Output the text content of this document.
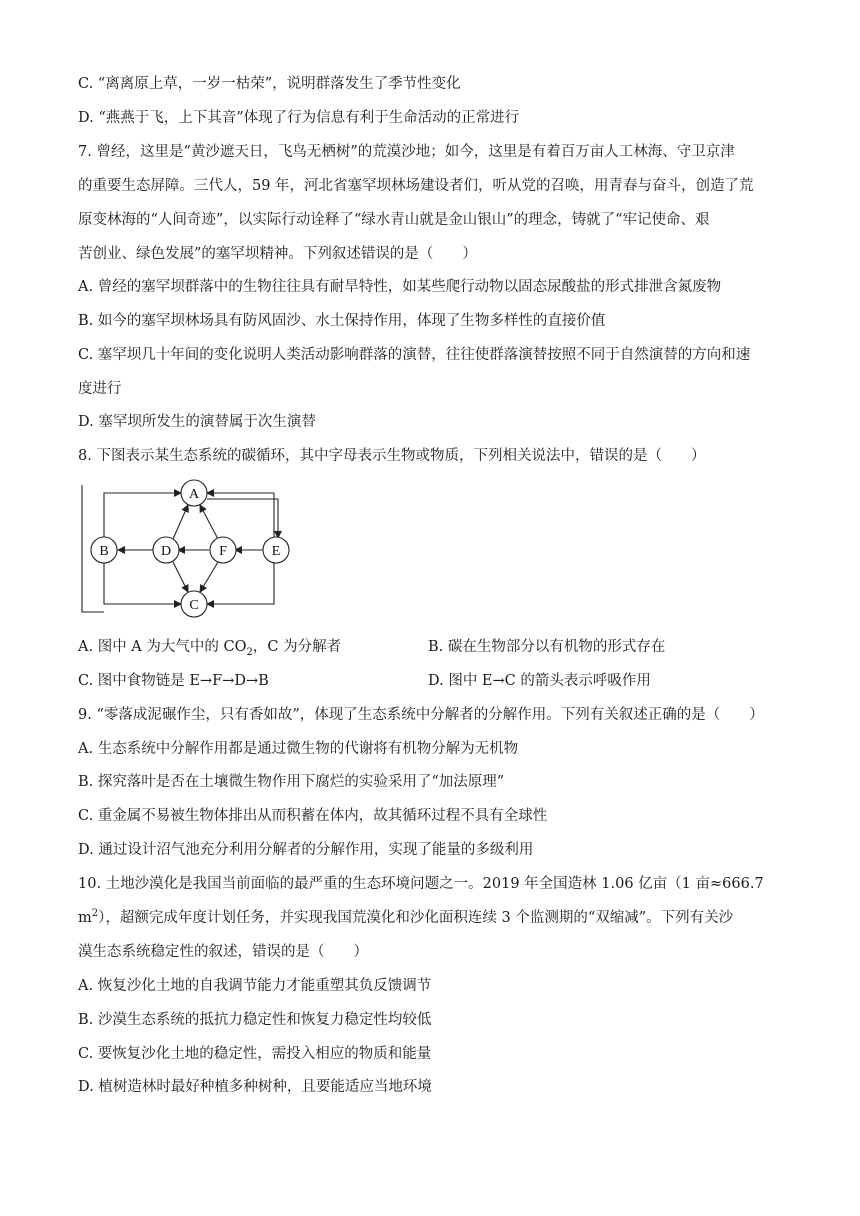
C. “离离原上草，一岁一枯荣”，说明群落发生了季节性变化
D. “燕燕于飞，上下其音”体现了行为信息有利于生命活动的正常进行
7. 曾经，这里是“黄沙遮天日，飞鸟无栖树”的荒漠沙地；如今，这里是有着百万亩人工林海、守卫京津
的重要生态屏障。三代人，59 年，河北省塞罕坝林场建设者们，听从党的召唤，用青春与奋斗，创造了荒
原变林海的“人间奇迹”，以实际行动诠释了“绿水青山就是金山银山”的理念，铸就了“牢记使命、艰
苦创业、绿色发展”的塞罕坝精神。下列叙述错误的是（　　）
A. 曾经的塞罕坝群落中的生物往往具有耐旱特性，如某些爬行动物以固态尿酸盐的形式排泄含氮废物
B. 如今的塞罕坝林场具有防风固沙、水土保持作用，体现了生物多样性的直接价值
C. 塞罕坝几十年间的变化说明人类活动影响群落的演替，往往使群落演替按照不同于自然演替的方向和速
度进行
D. 塞罕坝所发生的演替属于次生演替
8. 下图表示某生态系统的碳循环，其中字母表示生物或物质，下列相关说法中，错误的是（　　）
A
B
C
D	E
F
A. 图中 A 为大气中的 $CO_2$，C 为分解者	B. 碳在生物部分以有机物的形式存在
C. 图中食物链是 E→F→D→B	D. 图中 E→C 的箭头表示呼吸作用
9. “零落成泥碾作尘，只有香如故”，体现了生态系统中分解者的分解作用。下列有关叙述正确的是（　　）
A. 生态系统中分解作用都是通过微生物的代谢将有机物分解为无机物
B. 探究落叶是否在土壤微生物作用下腐烂的实验采用了“加法原理”
C. 重金属不易被生物体排出从而积蓄在体内，故其循环过程不具有全球性
D. 通过设计沼气池充分利用分解者的分解作用，实现了能量的多级利用
10. 土地沙漠化是我国当前面临的最严重的生态环境问题之一。2019 年全国造林 1.06 亿亩（1 亩≈666.7
$m^2$），超额完成年度计划任务，并实现我国荒漠化和沙化面积连续 3 个监测期的“双缩减”。下列有关沙
漠生态系统稳定性的叙述，错误的是（　　）
A. 恢复沙化土地的自我调节能力才能重塑其负反馈调节
B. 沙漠生态系统的抵抗力稳定性和恢复力稳定性均较低
C. 要恢复沙化土地的稳定性，需投入相应的物质和能量
D. 植树造林时最好种植多种树种，且要能适应当地环境
